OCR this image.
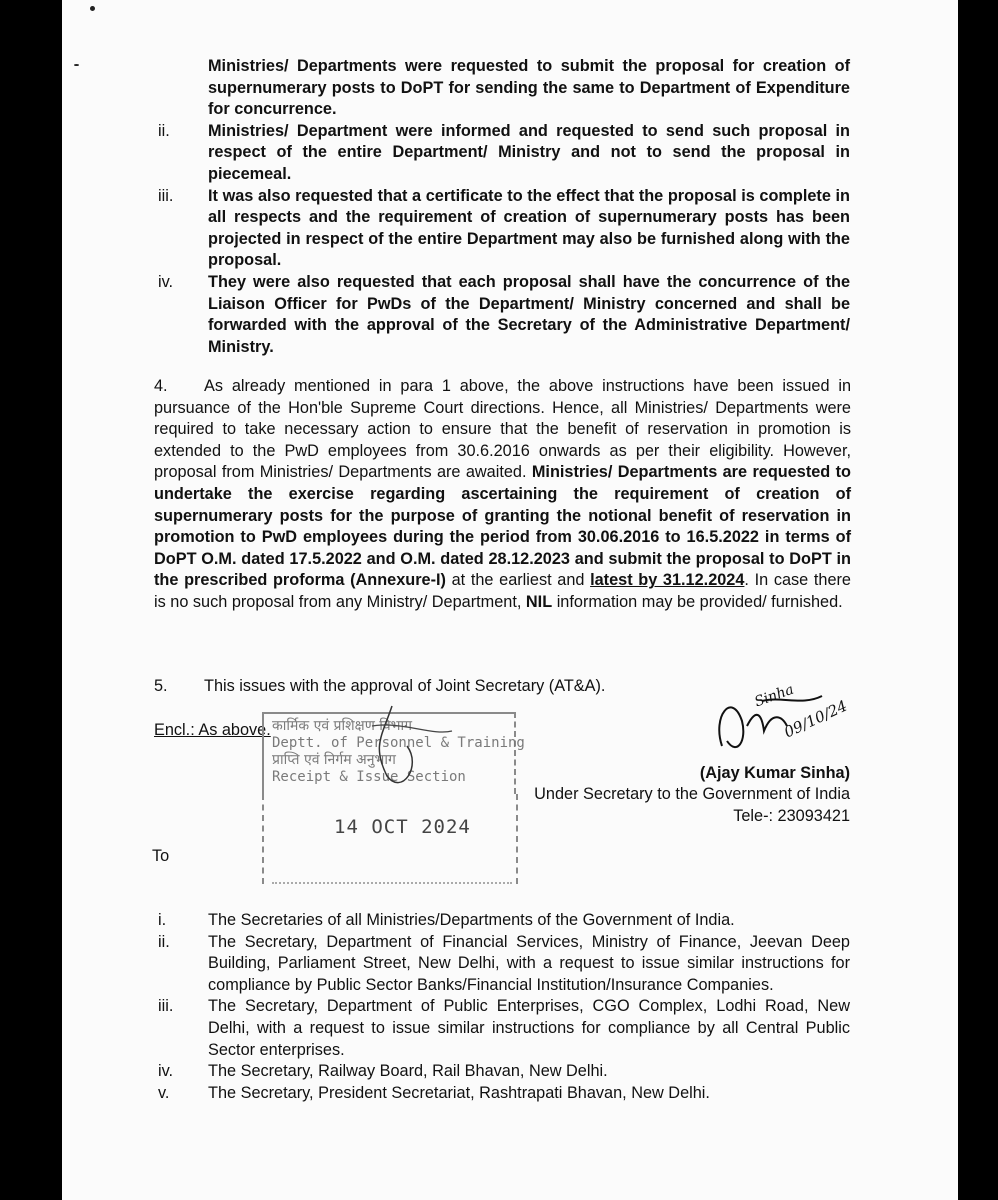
Ministries/ Departments were requested to submit the proposal for creation of supernumerary posts to DoPT for sending the same to Department of Expenditure for concurrence.
ii. Ministries/ Department were informed and requested to send such proposal in respect of the entire Department/ Ministry and not to send the proposal in piecemeal.
iii. It was also requested that a certificate to the effect that the proposal is complete in all respects and the requirement of creation of supernumerary posts has been projected in respect of the entire Department may also be furnished along with the proposal.
iv. They were also requested that each proposal shall have the concurrence of the Liaison Officer for PwDs of the Department/ Ministry concerned and shall be forwarded with the approval of the Secretary of the Administrative Department/ Ministry.
4. As already mentioned in para 1 above, the above instructions have been issued in pursuance of the Hon'ble Supreme Court directions. Hence, all Ministries/ Departments were required to take necessary action to ensure that the benefit of reservation in promotion is extended to the PwD employees from 30.6.2016 onwards as per their eligibility. However, proposal from Ministries/ Departments are awaited. Ministries/ Departments are requested to undertake the exercise regarding ascertaining the requirement of creation of supernumerary posts for the purpose of granting the notional benefit of reservation in promotion to PwD employees during the period from 30.06.2016 to 16.5.2022 in terms of DoPT O.M. dated 17.5.2022 and O.M. dated 28.12.2023 and submit the proposal to DoPT in the prescribed proforma (Annexure-I) at the earliest and latest by 31.12.2024. In case there is no such proposal from any Ministry/ Department, NIL information may be provided/ furnished.
5. This issues with the approval of Joint Secretary (AT&A).
Encl.: As above. कार्मिक एवं प्रशिक्षण विभाग
Deptt. of Personnel & Training
प्राप्ति एवं निर्गम अनुभाग
Receipt & Issue Section
14 OCT 2024
Sinha
09/10/24
(Ajay Kumar Sinha)
Under Secretary to the Government of India
Tele-: 23093421
To
i.	The Secretaries of all Ministries/Departments of the Government of India.
ii. The Secretary, Department of Financial Services, Ministry of Finance, Jeevan Deep Building, Parliament Street, New Delhi, with a request to issue similar instructions for compliance by Public Sector Banks/Financial Institution/Insurance Companies.
iii. The Secretary, Department of Public Enterprises, CGO Complex, Lodhi Road, New Delhi, with a request to issue similar instructions for compliance by all Central Public Sector enterprises.
iv. The Secretary, Railway Board, Rail Bhavan, New Delhi.
v. The Secretary, President Secretariat, Rashtrapati Bhavan, New Delhi.
